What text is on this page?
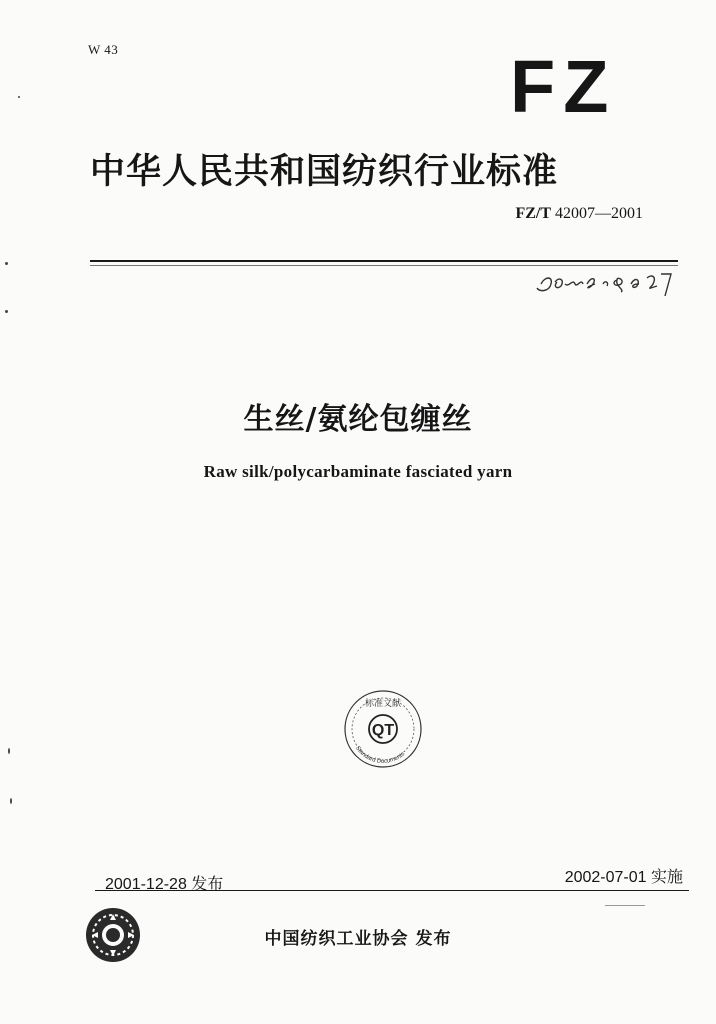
W 43	FZ
中华人民共和国纺织行业标准
FZ/T 42007—2001
生丝/氨纶包缠丝
Raw silk/polycarbaminate fasciated yarn
QT
标准文献
Standard Documents
2001-12-28 发布	2002-07-01 实施
中国纺织工业协会 发布
